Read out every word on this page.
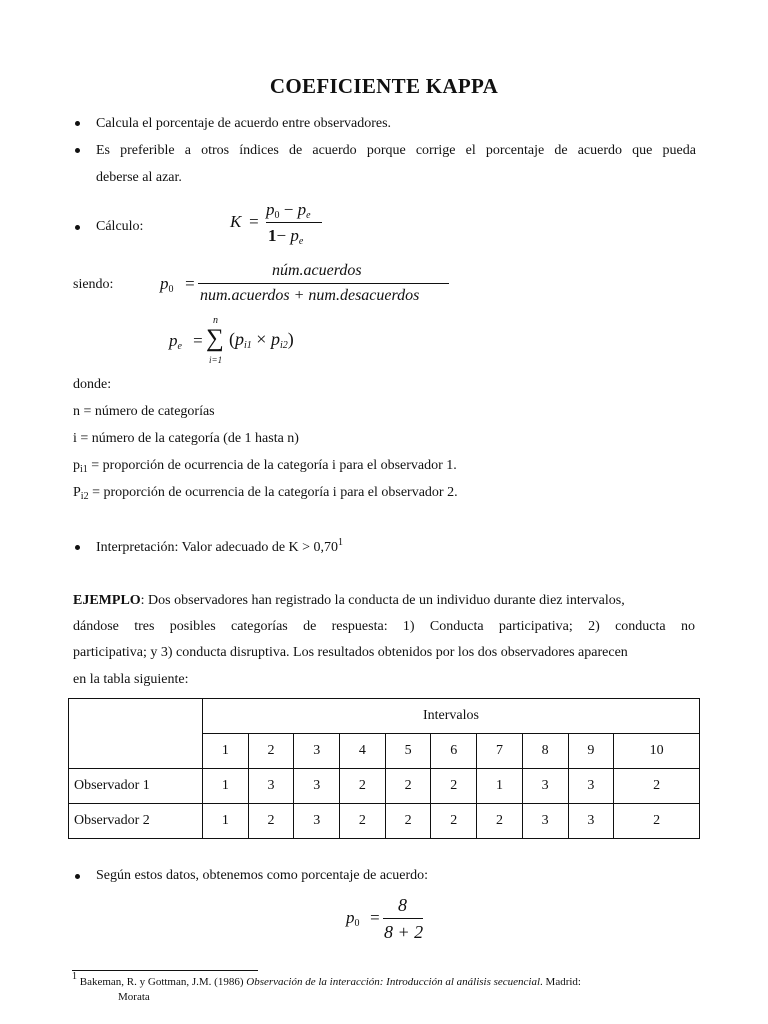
COEFICIENTE KAPPA
Calcula el porcentaje de acuerdo entre observadores.
Es preferible a otros índices de acuerdo porque corrige el porcentaje de acuerdo que pueda
deberse al azar.
Cálculo:	K =
$p_0 - p_e$
$1- p_e$
siendo:	$p_0$ =
núm.acuerdos
num.acuerdos + num.desacuerdos
$p_e$ = ∑
n
i=1
$(p_{i1} \times p_{i2})$
donde:
n = número de categorías
i = número de la categoría (de 1 hasta n)
$p_{i1}$ = proporción de ocurrencia de la categoría i para el observador 1.
$P_{i2}$ = proporción de ocurrencia de la categoría i para el observador 2.
Interpretación: Valor adecuado de $K > 0,70^1$
EJEMPLO: Dos observadores han registrado la conducta de un individuo durante diez intervalos,
dándose tres posibles categorías de respuesta: 1) Conducta participativa; 2) conducta no
participativa; y 3) conducta disruptiva. Los resultados obtenidos por los dos observadores aparecen
en la tabla siguiente:
	Intervalos									
	1	2	3	4	5	6	7	8	9	10
Observador 1	1	3	3	2	2	2	1	3	3	2
Observador 2	1	2	3	2	2	2	2	3	3	2
Según estos datos, obtenemos como porcentaje de acuerdo:
$p_0$ =
8
8 + 2
$^1$ Bakeman, R. y Gottman, J.M. (1986) Observación de la interacción: Introducción al análisis secuencial. Madrid:
Morata
